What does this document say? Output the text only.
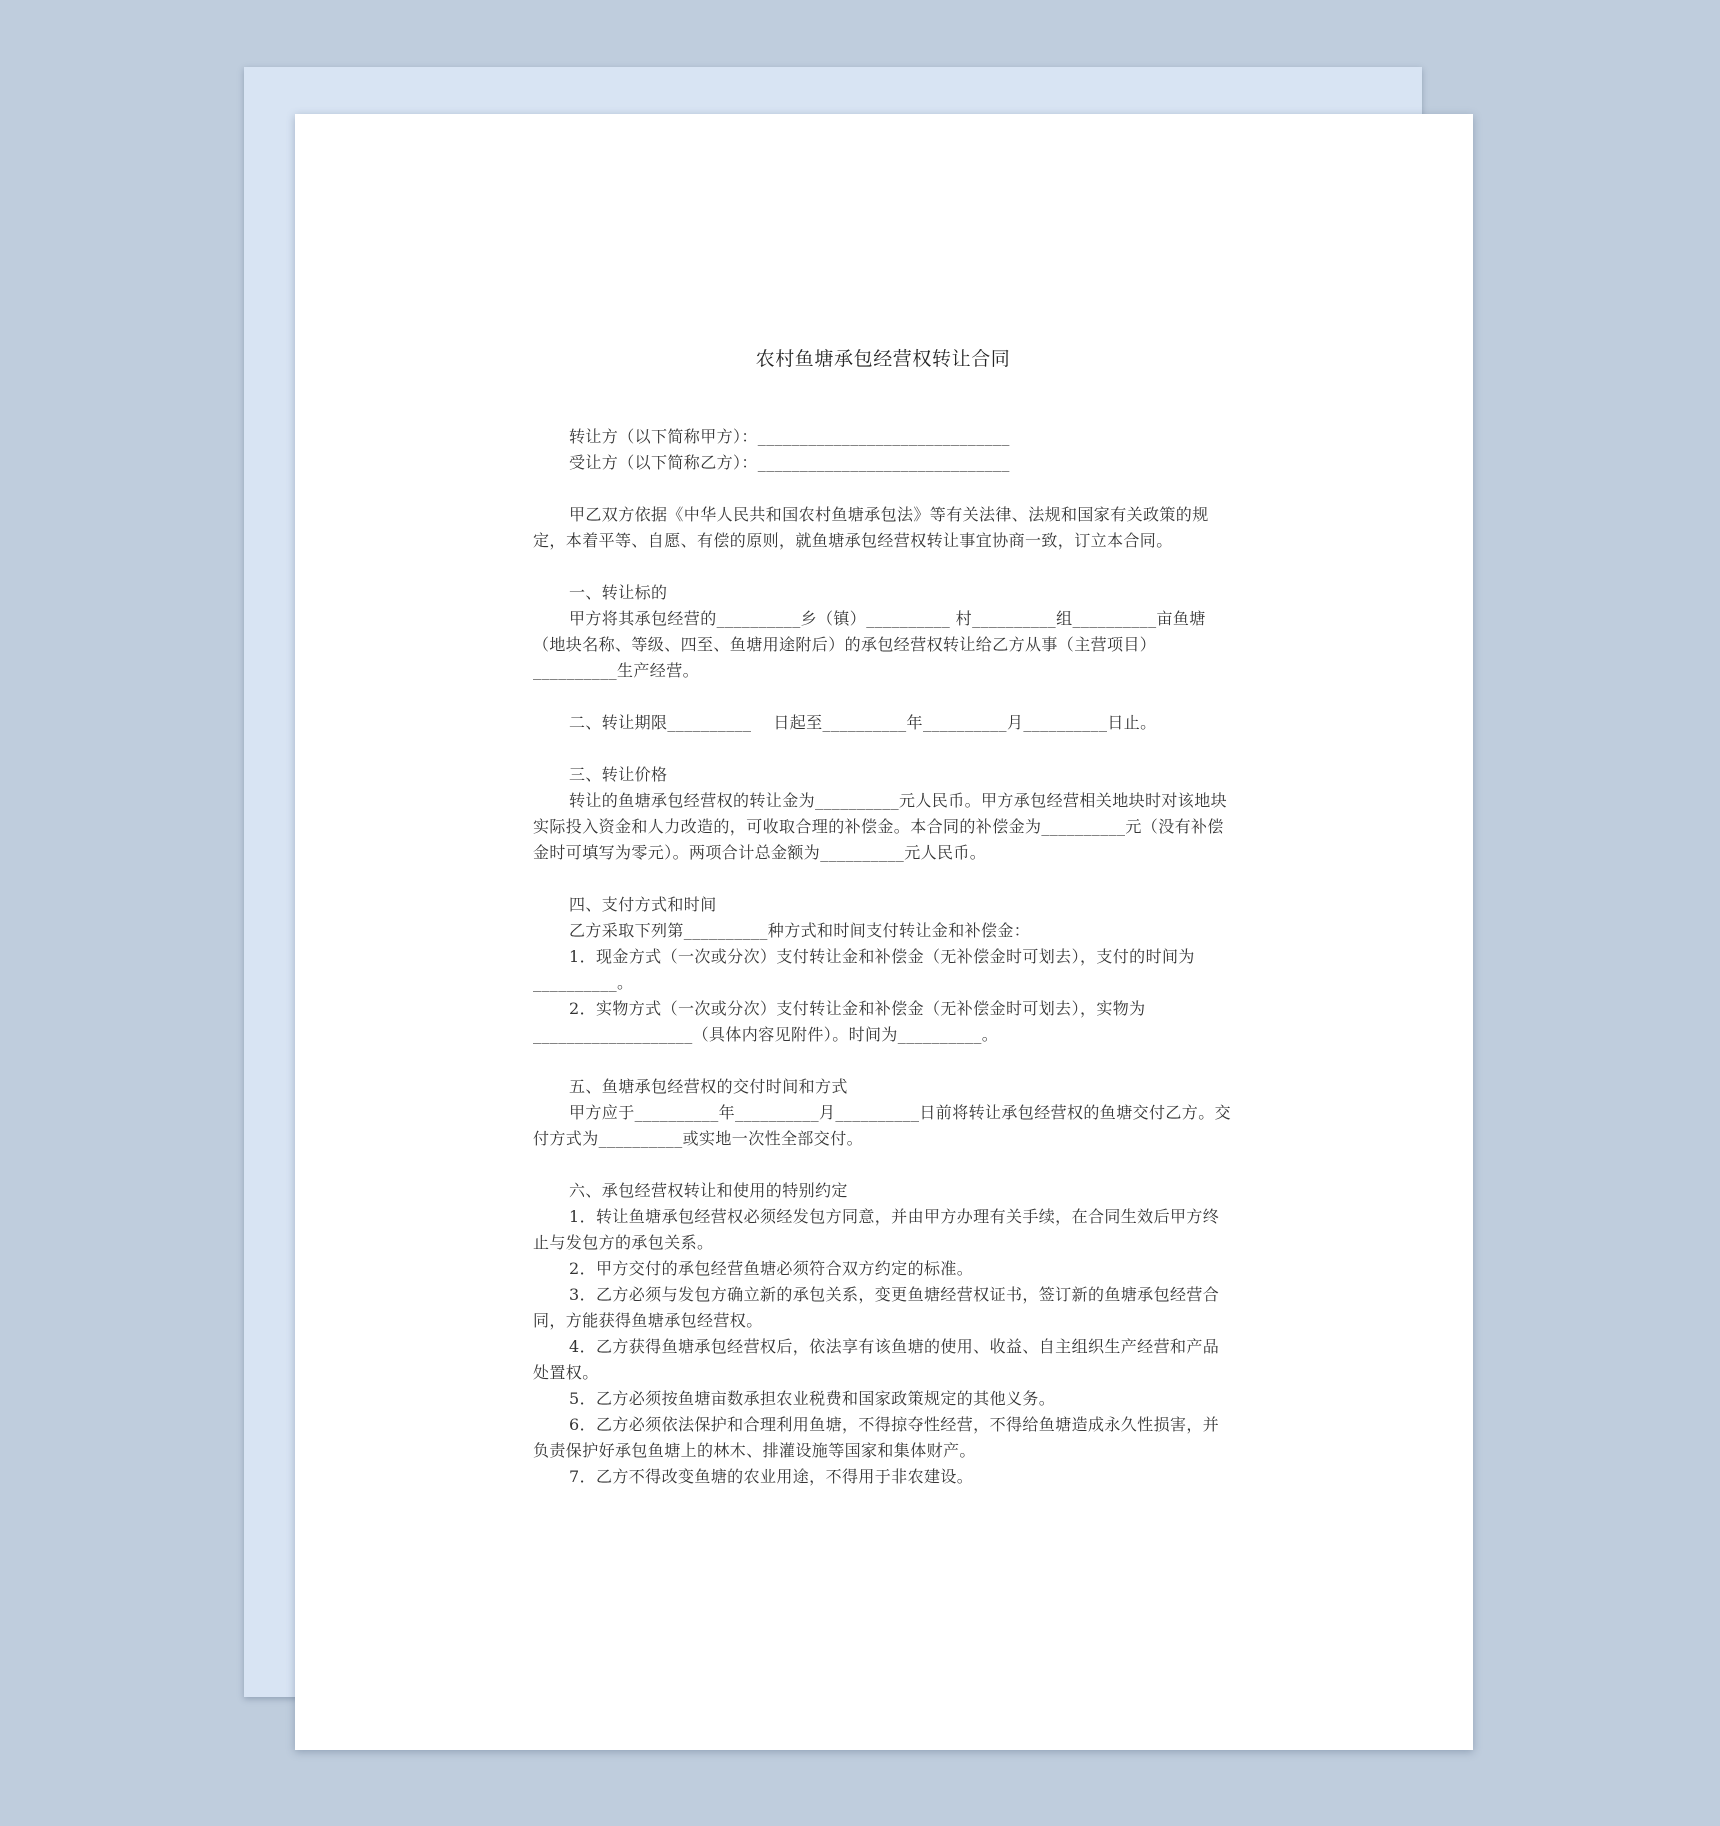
农村鱼塘承包经营权转让合同

转让方（以下简称甲方）：______________________________

受让方（以下简称乙方）：______________________________

甲乙双方依据《中华人民共和国农村鱼塘承包法》等有关法律、法规和国家有关政策的规定，本着平等、自愿、有偿的原则，就鱼塘承包经营权转让事宜协商一致，订立本合同。

一、转让标的

甲方将其承包经营的__________乡（镇）__________ 村__________组__________亩鱼塘（地块名称、等级、四至、鱼塘用途附后）的承包经营权转让给乙方从事（主营项目）__________生产经营。

二、转让期限__________    日起至__________年__________月__________日止。

三、转让价格

转让的鱼塘承包经营权的转让金为__________元人民币。甲方承包经营相关地块时对该地块实际投入资金和人力改造的，可收取合理的补偿金。本合同的补偿金为__________元（没有补偿金时可填写为零元）。两项合计总金额为__________元人民币。

四、支付方式和时间

乙方采取下列第__________种方式和时间支付转让金和补偿金：

1．现金方式（一次或分次）支付转让金和补偿金（无补偿金时可划去），支付的时间为__________。

2．实物方式（一次或分次）支付转让金和补偿金（无补偿金时可划去），实物为___________________（具体内容见附件）。时间为__________。

五、鱼塘承包经营权的交付时间和方式

甲方应于__________年__________月__________日前将转让承包经营权的鱼塘交付乙方。交付方式为__________或实地一次性全部交付。

六、承包经营权转让和使用的特别约定

1．转让鱼塘承包经营权必须经发包方同意，并由甲方办理有关手续，在合同生效后甲方终止与发包方的承包关系。

2．甲方交付的承包经营鱼塘必须符合双方约定的标准。

3．乙方必须与发包方确立新的承包关系，变更鱼塘经营权证书，签订新的鱼塘承包经营合同，方能获得鱼塘承包经营权。

4．乙方获得鱼塘承包经营权后，依法享有该鱼塘的使用、收益、自主组织生产经营和产品处置权。

5．乙方必须按鱼塘亩数承担农业税费和国家政策规定的其他义务。

6．乙方必须依法保护和合理利用鱼塘，不得掠夺性经营，不得给鱼塘造成永久性损害，并负责保护好承包鱼塘上的林木、排灌设施等国家和集体财产。

7．乙方不得改变鱼塘的农业用途，不得用于非农建设。
